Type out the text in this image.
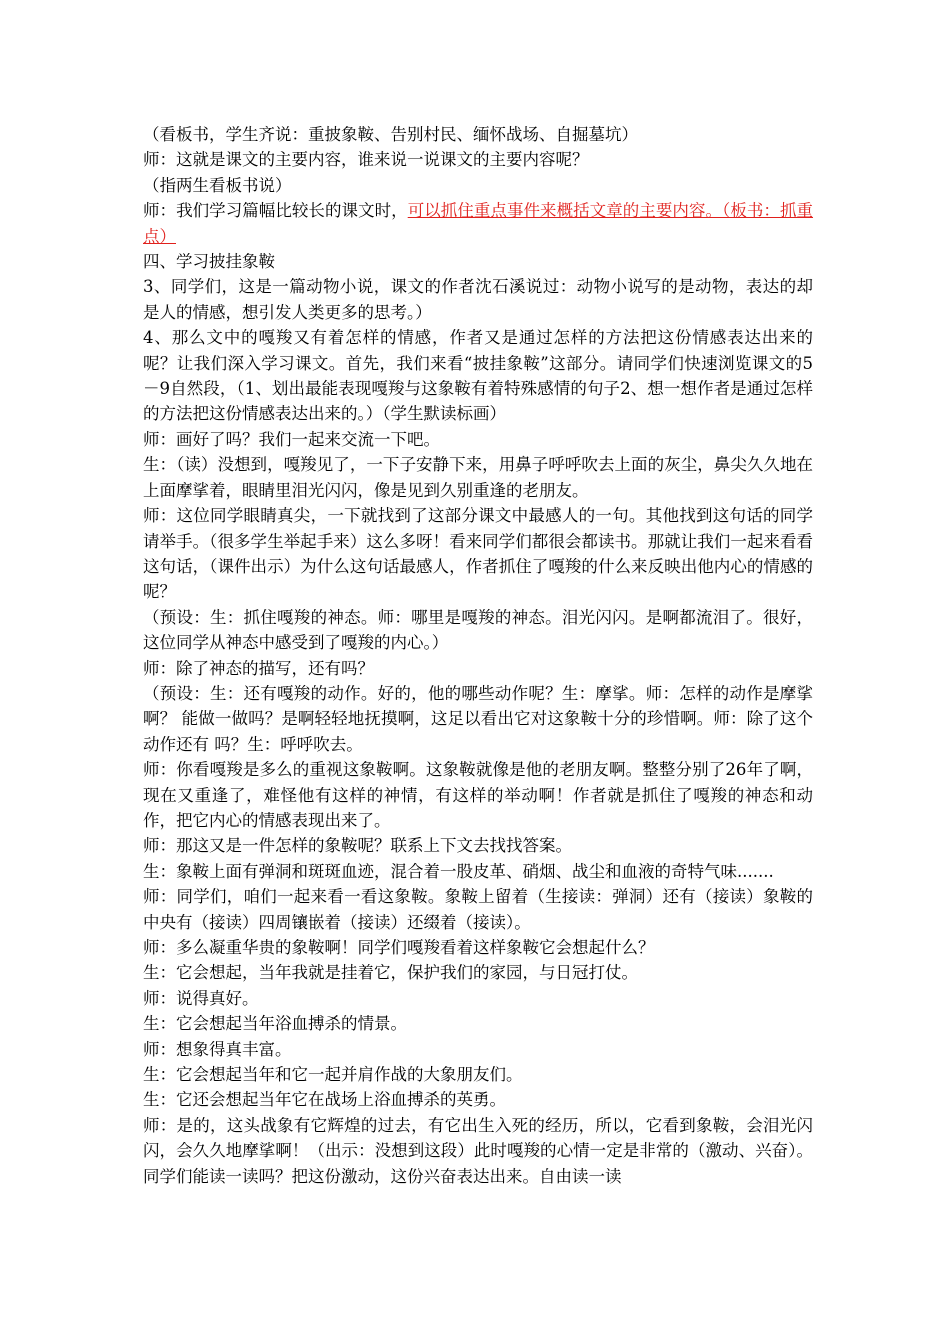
（看板书，学生齐说：重披象鞍、告别村民、缅怀战场、自掘墓坑）

师：这就是课文的主要内容，谁来说一说课文的主要内容呢？

（指两生看板书说）

师：我们学习篇幅比较长的课文时，可以抓住重点事件来概括文章的主要内容。（板书：抓重点）

四、学习披挂象鞍

3、同学们，这是一篇动物小说，课文的作者沈石溪说过：动物小说写的是动物，表达的却是人的情感，想引发人类更多的思考。）

4、那么文中的嘎羧又有着怎样的情感，作者又是通过怎样的方法把这份情感表达出来的呢？让我们深入学习课文。首先，我们来看“披挂象鞍”这部分。请同学们快速浏览课文的5－9自然段，（1、划出最能表现嘎羧与这象鞍有着特殊感情的句子2、想一想作者是通过怎样的方法把这份情感表达出来的。）（学生默读标画）

师：画好了吗？我们一起来交流一下吧。

生：（读）没想到，嘎羧见了，一下子安静下来，用鼻子呼呼吹去上面的灰尘，鼻尖久久地在上面摩挲着，眼睛里泪光闪闪，像是见到久别重逢的老朋友。

师：这位同学眼睛真尖，一下就找到了这部分课文中最感人的一句。其他找到这句话的同学请举手。（很多学生举起手来）这么多呀！看来同学们都很会都读书。那就让我们一起来看看这句话，（课件出示）为什么这句话最感人，作者抓住了嘎羧的什么来反映出他内心的情感的呢？

（预设：生：抓住嘎羧的神态。师：哪里是嘎羧的神态。泪光闪闪。是啊都流泪了。很好，这位同学从神态中感受到了嘎羧的内心。）

师：除了神态的描写，还有吗？

（预设：生：还有嘎羧的动作。好的，他的哪些动作呢？生：摩挲。师：怎样的动作是摩挲啊？ 能做一做吗？是啊轻轻地抚摸啊，这足以看出它对这象鞍十分的珍惜啊。师：除了这个动作还有 吗？生：呼呼吹去。

师：你看嘎羧是多么的重视这象鞍啊。这象鞍就像是他的老朋友啊。整整分别了26年了啊，现在又重逢了，难怪他有这样的神情，有这样的举动啊！作者就是抓住了嘎羧的神态和动作，把它内心的情感表现出来了。

师：那这又是一件怎样的象鞍呢？联系上下文去找找答案。

生：象鞍上面有弹洞和斑斑血迹，混合着一股皮革、硝烟、战尘和血液的奇特气味.......

师：同学们，咱们一起来看一看这象鞍。象鞍上留着（生接读：弹洞）还有（接读）象鞍的中央有（接读）四周镶嵌着（接读）还缀着（接读）。

师：多么凝重华贵的象鞍啊！同学们嘎羧看着这样象鞍它会想起什么？

生：它会想起，当年我就是挂着它，保护我们的家园，与日冠打仗。

师：说得真好。

生：它会想起当年浴血搏杀的情景。

师：想象得真丰富。

生：它会想起当年和它一起并肩作战的大象朋友们。

生：它还会想起当年它在战场上浴血搏杀的英勇。

师：是的，这头战象有它辉煌的过去，有它出生入死的经历，所以，它看到象鞍，会泪光闪闪，会久久地摩挲啊！（出示：没想到这段）此时嘎羧的心情一定是非常的（激动、兴奋）。同学们能读一读吗？把这份激动，这份兴奋表达出来。自由读一读
